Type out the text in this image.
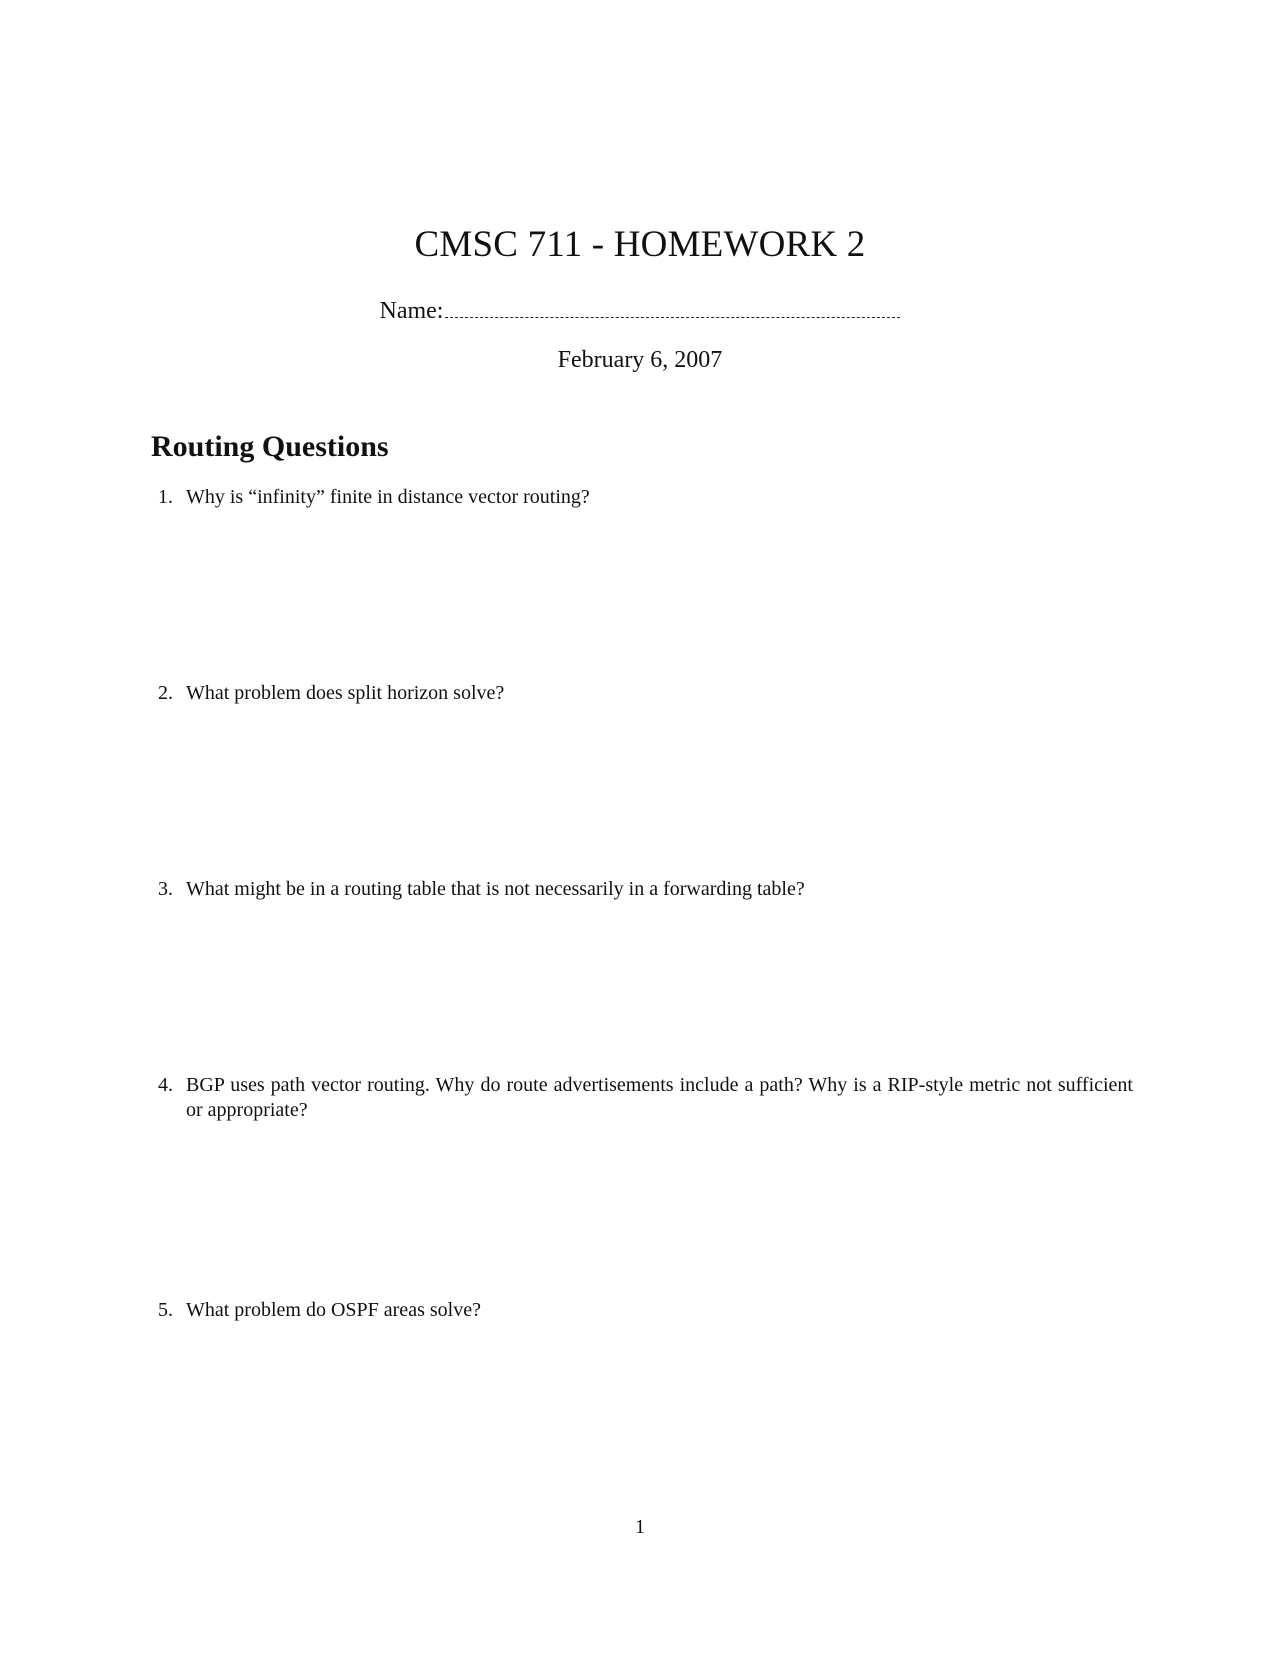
CMSC 711 - HOMEWORK 2
Name:
February 6, 2007
Routing Questions
1. Why is “infinity” finite in distance vector routing?
2. What problem does split horizon solve?
3. What might be in a routing table that is not necessarily in a forwarding table?
4. BGP uses path vector routing. Why do route advertisements include a path? Why is a RIP-style metric not sufficient or appropriate?
5. What problem do OSPF areas solve?
1
